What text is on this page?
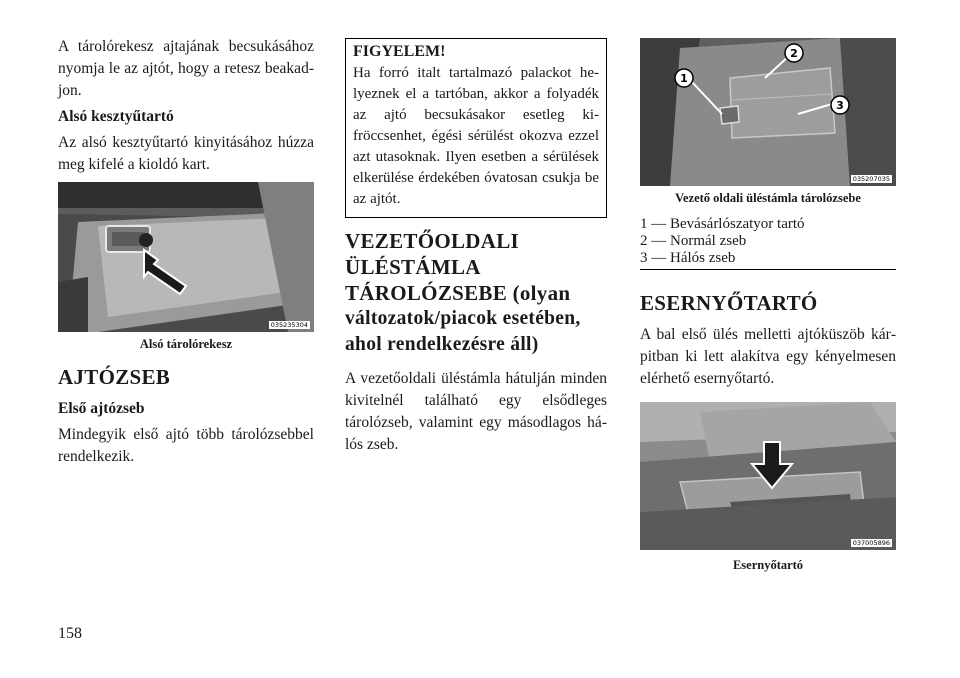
A tárolórekesz ajtajának becsukásához nyomja le az ajtót, hogy a retesz beakadjon.

Alsó kesztyűtartó

Az alsó kesztyűtartó kinyitásához húzza meg kifelé a kioldó kart.

035235304
Alsó tárolórekesz
AJTÓZSEB
Első ajtózseb

Mindegyik első ajtó több tárolózsebbel rendelkezik.

FIGYELEM!

Ha forró italt tartalmazó palackot helyeznek el a tartóban, akkor a folyadék az ajtó becsukásakor esetleg kifröccsenhet, égési sérülést okozva ezzel azt utasoknak. Ilyen esetben a sérülések elkerülése érdekében óvatosan csukja be az ajtót.

VEZETŐOLDALI
ÜLÉSTÁMLA
TÁROLÓZSEBE (olyan
változatok/piacok esetében,
ahol rendelkezésre áll)

A vezetőoldali üléstámla hátulján minden kivitelnél található egy elsődleges tárolózseb, valamint egy másodlagos hálós zseb.

1
2
3
035207035
Vezető oldali üléstámla tárolózsebe
1 — Bevásárlószatyor tartó
2 — Normál zseb
3 — Hálós zseb
ESERNYŐTARTÓ

A bal első ülés melletti ajtóküszöb kárpitban ki lett alakítva egy kényelmesen elérhető esernyőtartó.

037005896
Esernyőtartó
158
